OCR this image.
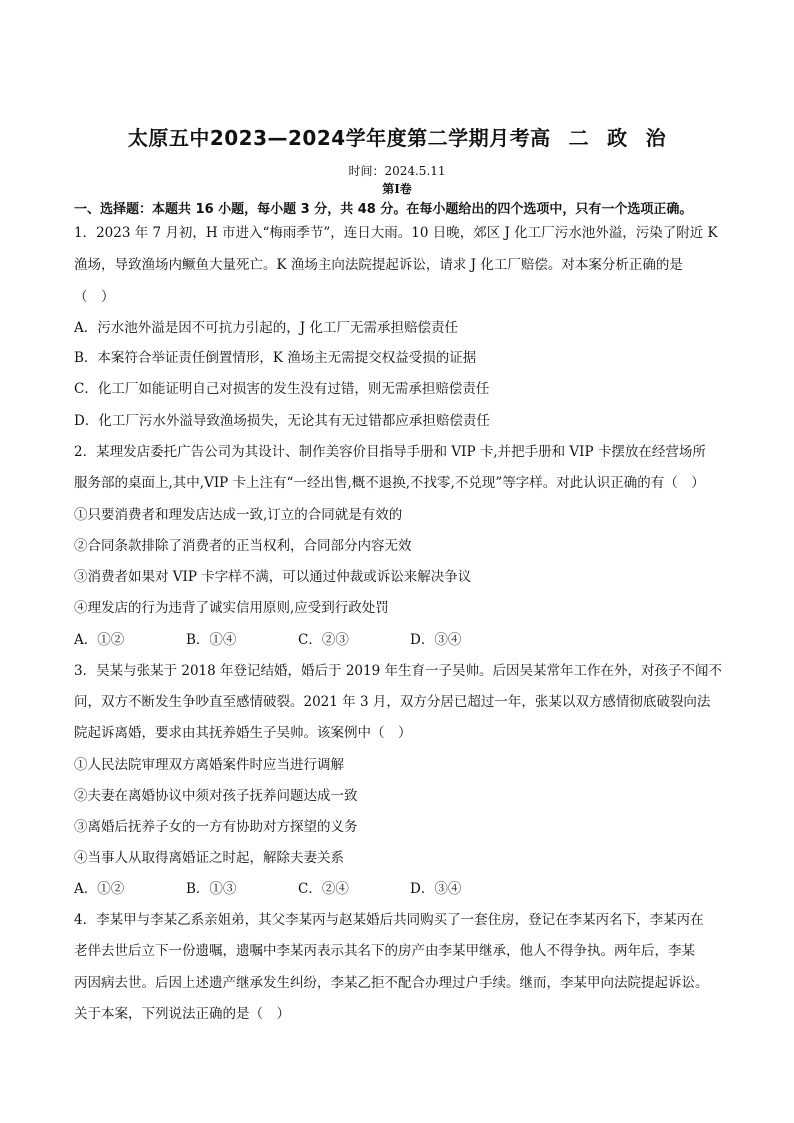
太原五中2023—2024学年度第二学期月考高 二 政 治
时间：2024.5.11
第Ⅰ卷
一、选择题：本题共 16 小题，每小题 3 分，共 48 分。在每小题给出的四个选项中，只有一个选项正确。
1．2023 年 7 月初，H 市进入“梅雨季节”，连日大雨。10 日晚，郊区 J 化工厂污水池外溢，污染了附近 K
渔场，导致渔场内鳜鱼大量死亡。K 渔场主向法院提起诉讼，请求 J 化工厂赔偿。对本案分析正确的是
（　）
A．污水池外溢是因不可抗力引起的，J 化工厂无需承担赔偿责任
B．本案符合举证责任倒置情形，K 渔场主无需提交权益受损的证据
C．化工厂如能证明自己对损害的发生没有过错，则无需承担赔偿责任
D．化工厂污水外溢导致渔场损失，无论其有无过错都应承担赔偿责任
2．某理发店委托广告公司为其设计、制作美容价目指导手册和 VIP 卡,并把手册和 VIP 卡摆放在经营场所
服务部的桌面上,其中,VIP 卡上注有“一经出售,概不退换,不找零,不兑现”等字样。对此认识正确的有（　）
①只要消费者和理发店达成一致,订立的合同就是有效的
②合同条款排除了消费者的正当权利，合同部分内容无效
③消费者如果对 VIP 卡字样不满，可以通过仲裁或诉讼来解决争议
④理发店的行为违背了诚实信用原则,应受到行政处罚
A．①②	B．①④	C．②③	D．③④
3．吴某与张某于 2018 年登记结婚，婚后于 2019 年生育一子吴帅。后因吴某常年工作在外，对孩子不闻不
问，双方不断发生争吵直至感情破裂。2021 年 3 月，双方分居已超过一年，张某以双方感情彻底破裂向法
院起诉离婚，要求由其抚养婚生子吴帅。该案例中（　）
①人民法院审理双方离婚案件时应当进行调解
②夫妻在离婚协议中须对孩子抚养问题达成一致
③离婚后抚养子女的一方有协助对方探望的义务
④当事人从取得离婚证之时起，解除夫妻关系
A．①②	B．①③	C．②④	D．③④
4．李某甲与李某乙系亲姐弟，其父李某丙与赵某婚后共同购买了一套住房，登记在李某丙名下，李某丙在
老伴去世后立下一份遗嘱，遗嘱中李某丙表示其名下的房产由李某甲继承，他人不得争执。两年后，李某
丙因病去世。后因上述遗产继承发生纠纷，李某乙拒不配合办理过户手续。继而，李某甲向法院提起诉讼。
关于本案，下列说法正确的是（　）
